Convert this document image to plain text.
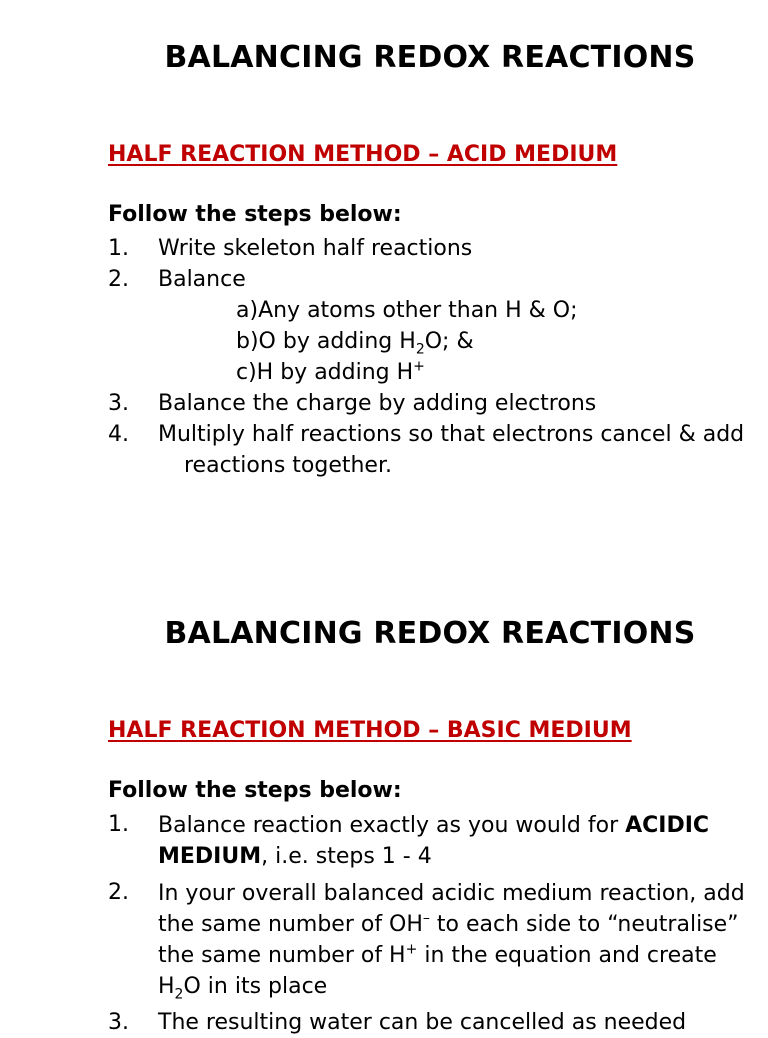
BALANCING REDOX REACTIONS
HALF REACTION METHOD – ACID MEDIUM
Follow the steps below:
1. Write skeleton half reactions
2. Balance
a)Any atoms other than H & O;
b)O by adding $H_2O$; &
c)H by adding H+
3. Balance the charge by adding electrons
4. Multiply half reactions so that electrons cancel & add
reactions together.
BALANCING REDOX REACTIONS
HALF REACTION METHOD – BASIC MEDIUM
Follow the steps below:
1. Balance reaction exactly as you would for ACIDIC MEDIUM, i.e. steps 1 - 4
2. In your overall balanced acidic medium reaction, add the same number of OH– to each side to “neutralise” the same number of H+ in the equation and create $H_2O$ in its place
3. The resulting water can be cancelled as needed
